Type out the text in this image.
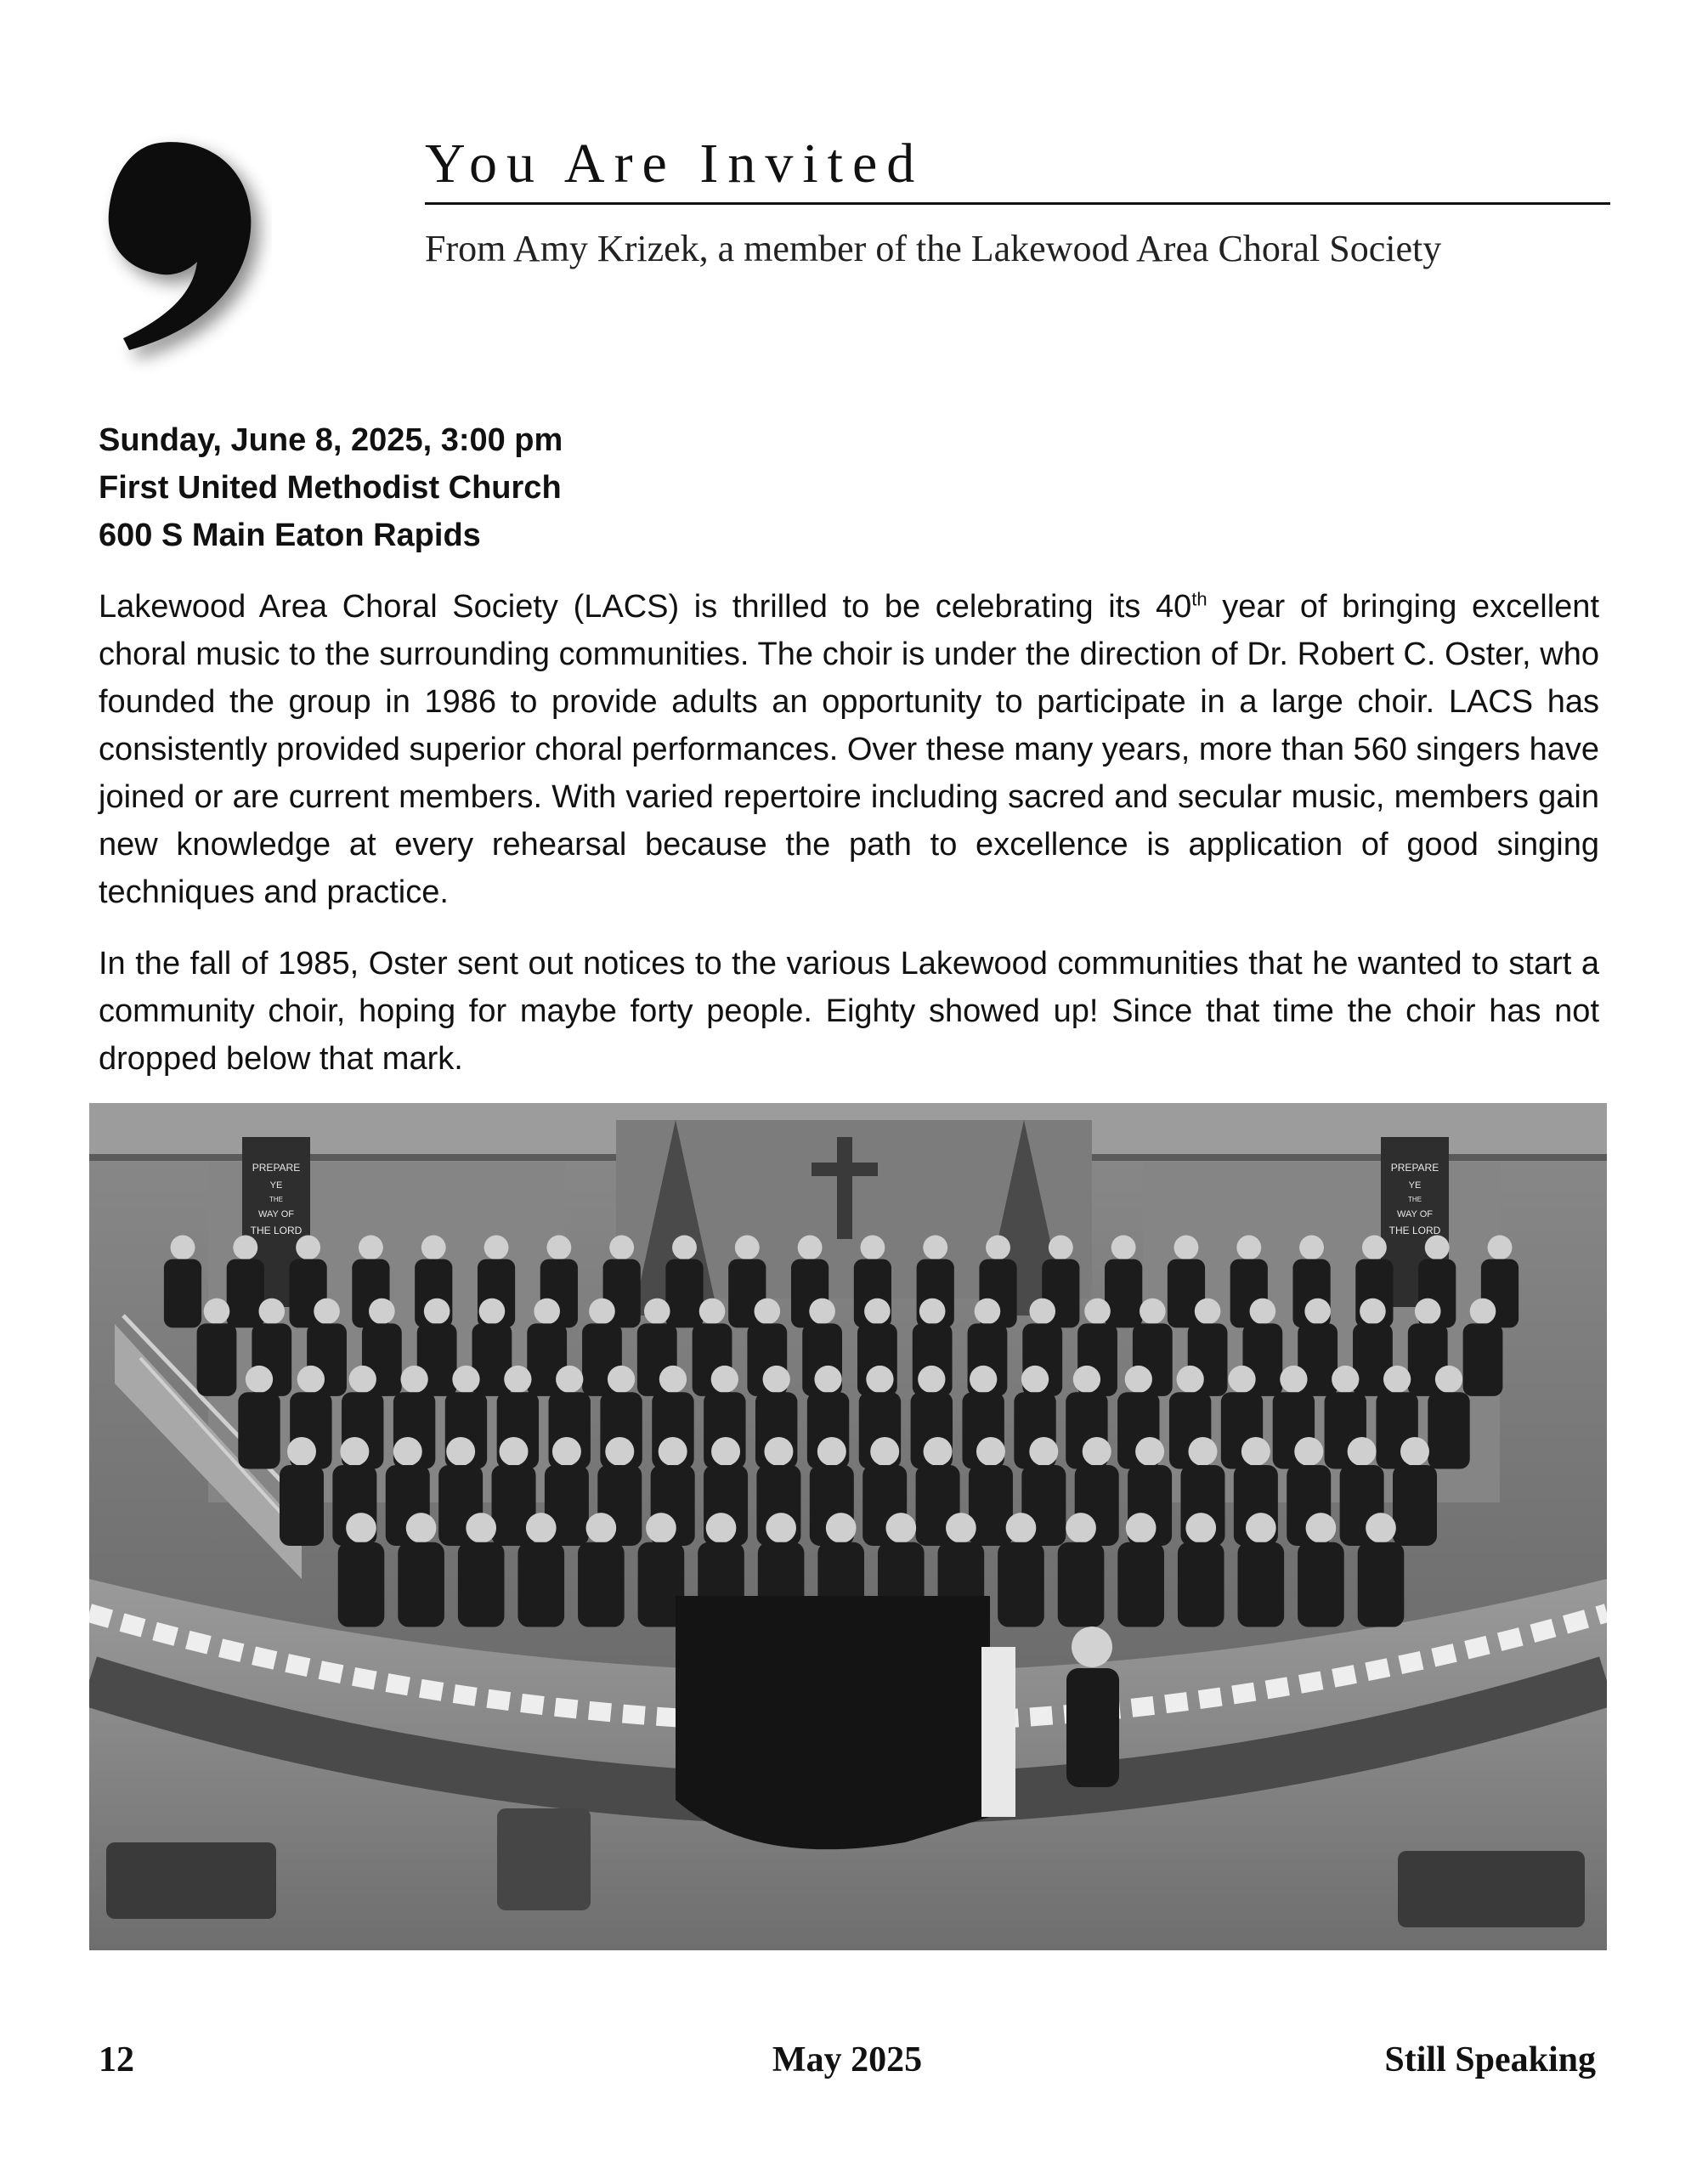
You Are Invited
From Amy Krizek, a member of the Lakewood Area Choral Society
Sunday, June 8, 2025, 3:00 pm
First United Methodist Church
600 S Main Eaton Rapids

Lakewood Area Choral Society (LACS) is thrilled to be celebrating its 40th year of bringing excellent choral music to the surrounding communities. The choir is under the direction of Dr. Robert C. Oster, who founded the group in 1986 to provide adults an opportunity to participate in a large choir. LACS has consistently provided superior choral performances. Over these many years, more than 560 singers have joined or are current members. With varied repertoire including sacred and secular music, members gain new knowledge at every rehearsal because the path to excellence is application of good singing techniques and practice.

In the fall of 1985, Oster sent out notices to the various Lakewood communities that he wanted to start a community choir, hoping for maybe forty people. Eighty showed up! Since that time the choir has not dropped below that mark.

PREPARE
YE
THE
WAY OF
THE LORD
PREPARE
YE
THE
WAY OF
THE LORD
12	May 2025	Still Speaking
